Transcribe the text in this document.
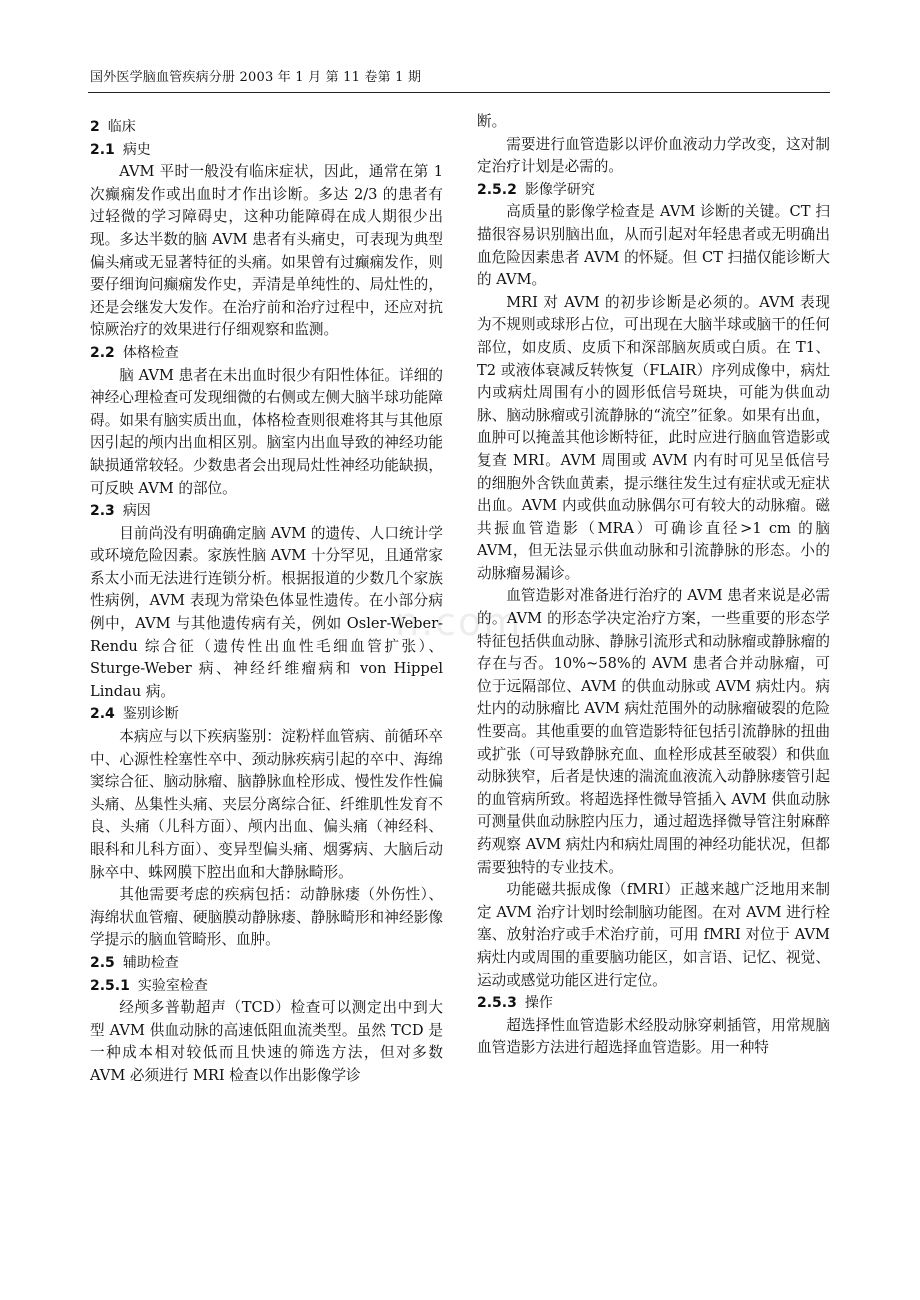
国外医学脑血管疾病分册 2003 年 1 月 第 11 卷第 1 期
n.com
2 临床
2.1 病史

AVM 平时一般没有临床症状，因此，通常在第 1 次癫痫发作或出血时才作出诊断。多达 2/3 的患者有过轻微的学习障碍史，这种功能障碍在成人期很少出现。多达半数的脑 AVM 患者有头痛史，可表现为典型偏头痛或无显著特征的头痛。如果曾有过癫痫发作，则要仔细询问癫痫发作史，弄清是单纯性的、局灶性的，还是会继发大发作。在治疗前和治疗过程中，还应对抗惊厥治疗的效果进行仔细观察和监测。

2.2 体格检查

脑 AVM 患者在未出血时很少有阳性体征。详细的神经心理检查可发现细微的右侧或左侧大脑半球功能障碍。如果有脑实质出血，体格检查则很难将其与其他原因引起的颅内出血相区别。脑室内出血导致的神经功能缺损通常较轻。少数患者会出现局灶性神经功能缺损，可反映 AVM 的部位。

2.3 病因

目前尚没有明确确定脑 AVM 的遗传、人口统计学或环境危险因素。家族性脑 AVM 十分罕见，且通常家系太小而无法进行连锁分析。根据报道的少数几个家族性病例，AVM 表现为常染色体显性遗传。在小部分病例中，AVM 与其他遗传病有关，例如 Osler-Weber-Rendu 综合征（遗传性出血性毛细血管扩张）、Sturge-Weber 病、神经纤维瘤病和 von Hippel Lindau 病。

2.4 鉴别诊断

本病应与以下疾病鉴别：淀粉样血管病、前循环卒中、心源性栓塞性卒中、颈动脉疾病引起的卒中、海绵窦综合征、脑动脉瘤、脑静脉血栓形成、慢性发作性偏头痛、丛集性头痛、夹层分离综合征、纤维肌性发育不良、头痛（儿科方面）、颅内出血、偏头痛（神经科、眼科和儿科方面）、变异型偏头痛、烟雾病、大脑后动脉卒中、蛛网膜下腔出血和大静脉畸形。

其他需要考虑的疾病包括：动静脉瘘（外伤性）、海绵状血管瘤、硬脑膜动静脉瘘、静脉畸形和神经影像学提示的脑血管畸形、血肿。

2.5 辅助检查
2.5.1 实验室检查

经颅多普勒超声（TCD）检查可以测定出中到大型 AVM 供血动脉的高速低阻血流类型。虽然 TCD 是一种成本相对较低而且快速的筛选方法，但对多数 AVM 必须进行 MRI 检查以作出影像学诊

断。

需要进行血管造影以评价血液动力学改变，这对制定治疗计划是必需的。

2.5.2 影像学研究

高质量的影像学检查是 AVM 诊断的关键。CT 扫描很容易识别脑出血，从而引起对年轻患者或无明确出血危险因素患者 AVM 的怀疑。但 CT 扫描仅能诊断大的 AVM。

MRI 对 AVM 的初步诊断是必须的。AVM 表现为不规则或球形占位，可出现在大脑半球或脑干的任何部位，如皮质、皮质下和深部脑灰质或白质。在 T1、T2 或液体衰减反转恢复（FLAIR）序列成像中，病灶内或病灶周围有小的圆形低信号斑块，可能为供血动脉、脑动脉瘤或引流静脉的“流空”征象。如果有出血，血肿可以掩盖其他诊断特征，此时应进行脑血管造影或复查 MRI。AVM 周围或 AVM 内有时可见呈低信号的细胞外含铁血黄素，提示继往发生过有症状或无症状出血。AVM 内或供血动脉偶尔可有较大的动脉瘤。磁共振血管造影（MRA）可确诊直径>1 cm 的脑 AVM，但无法显示供血动脉和引流静脉的形态。小的动脉瘤易漏诊。

血管造影对准备进行治疗的 AVM 患者来说是必需的。AVM 的形态学决定治疗方案，一些重要的形态学特征包括供血动脉、静脉引流形式和动脉瘤或静脉瘤的存在与否。10%~58%的 AVM 患者合并动脉瘤，可位于远隔部位、AVM 的供血动脉或 AVM 病灶内。病灶内的动脉瘤比 AVM 病灶范围外的动脉瘤破裂的危险性要高。其他重要的血管造影特征包括引流静脉的扭曲或扩张（可导致静脉充血、血栓形成甚至破裂）和供血动脉狭窄，后者是快速的湍流血液流入动静脉瘘管引起的血管病所致。将超选择性微导管插入 AVM 供血动脉可测量供血动脉腔内压力，通过超选择微导管注射麻醉药观察 AVM 病灶内和病灶周围的神经功能状况，但都需要独特的专业技术。

功能磁共振成像（fMRI）正越来越广泛地用来制定 AVM 治疗计划时绘制脑功能图。在对 AVM 进行栓塞、放射治疗或手术治疗前，可用 fMRI 对位于 AVM 病灶内或周围的重要脑功能区，如言语、记忆、视觉、运动或感觉功能区进行定位。

2.5.3 操作

超选择性血管造影术经股动脉穿刺插管，用常规脑血管造影方法进行超选择血管造影。用一种特
